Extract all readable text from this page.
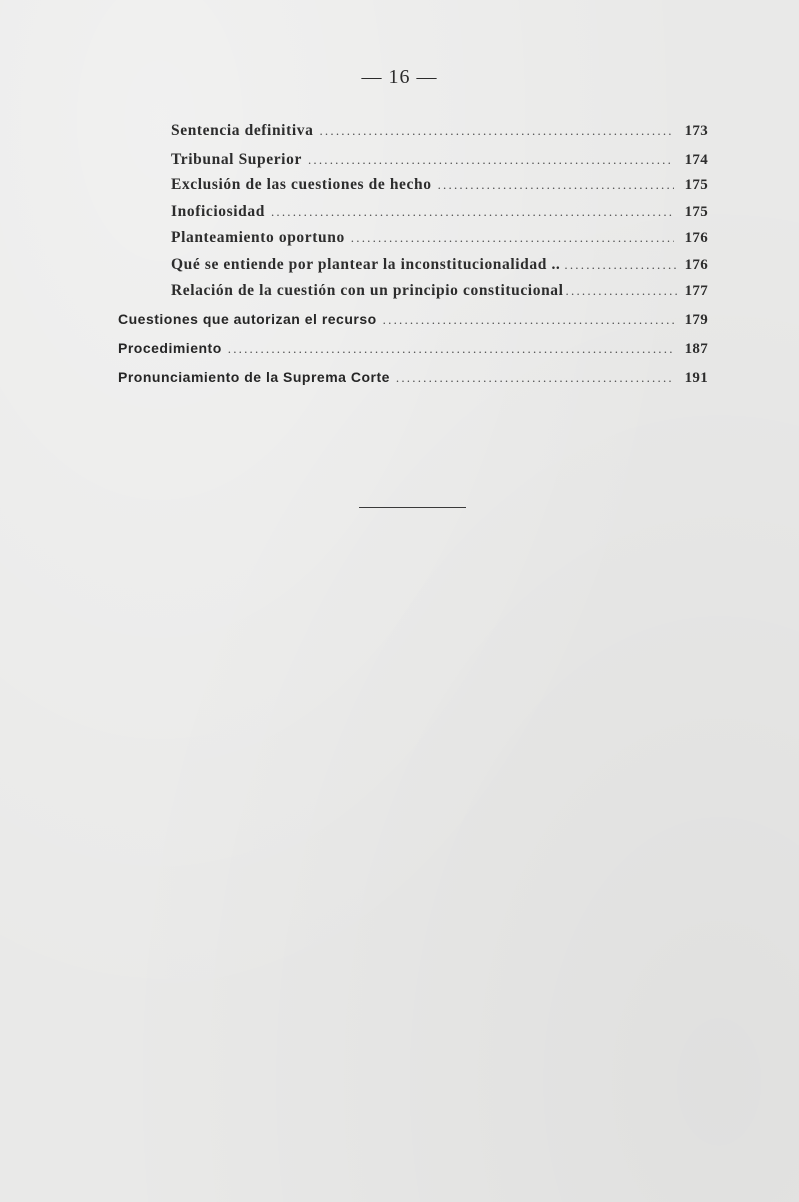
— 16 —
Sentencia definitiva .....	173
Tribunal Superior .....	174
Exclusión de las cuestiones de hecho .....	175
Inoficiosidad .....	175
Planteamiento oportuno .....	176
Qué se entiende por plantear la inconstitucionalidad .. .....	176
Relación de la cuestión con un principio constitucional .....	177
Cuestiones que autorizan el recurso .....	179
Procedimiento .....	187
Pronunciamiento de la Suprema Corte .....	191
